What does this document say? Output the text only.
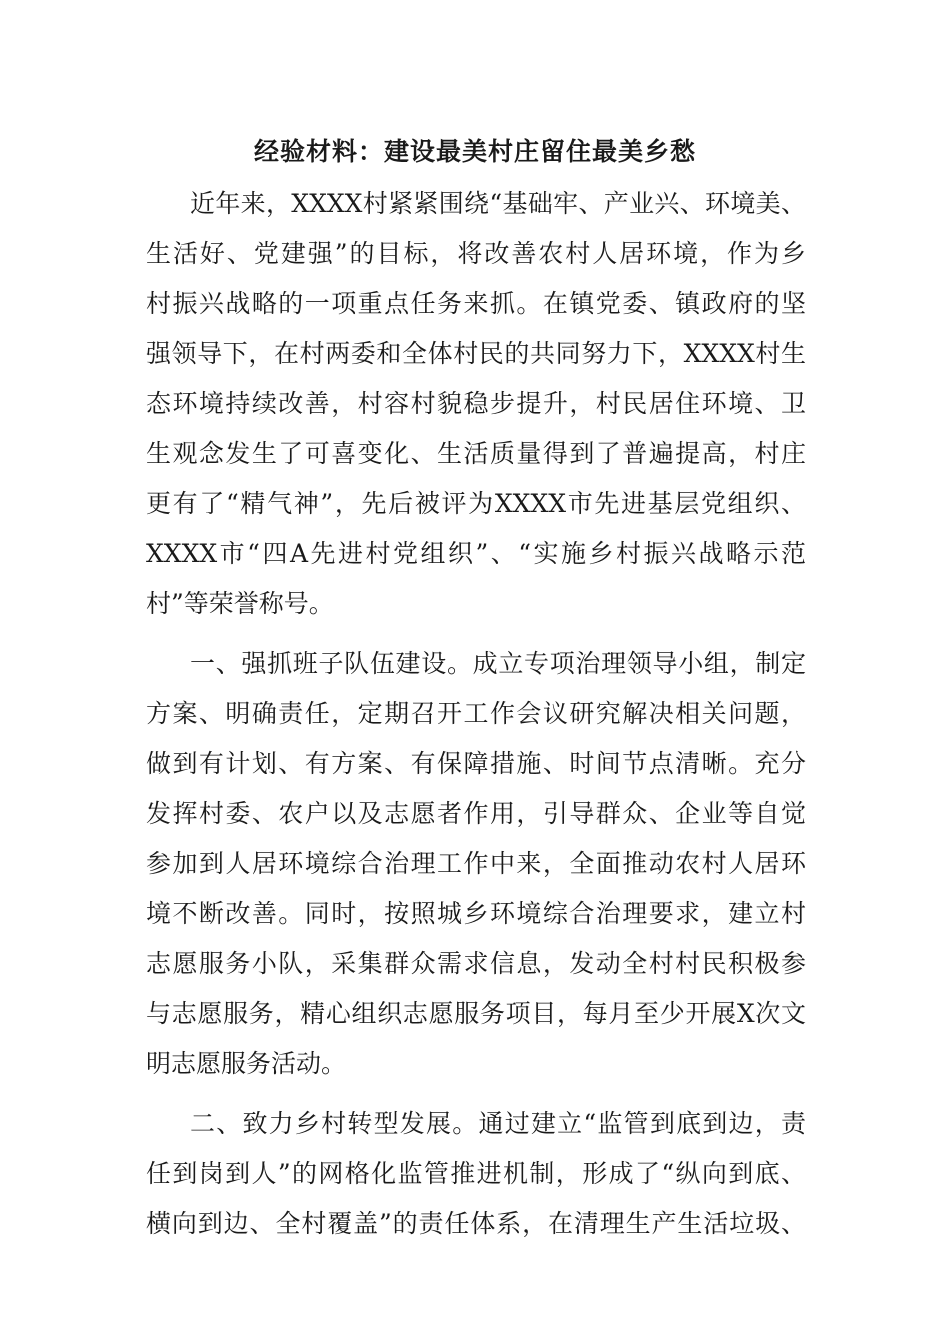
经验材料：建设最美村庄留住最美乡愁
近年来，XXXX村紧紧围绕“基础牢、产业兴、环境美、
生活好、党建强”的目标，将改善农村人居环境，作为乡
村振兴战略的一项重点任务来抓。在镇党委、镇政府的坚
强领导下，在村两委和全体村民的共同努力下，XXXX村生
态环境持续改善，村容村貌稳步提升，村民居住环境、卫
生观念发生了可喜变化、生活质量得到了普遍提高，村庄
更有了“精气神”，先后被评为XXXX市先进基层党组织、
XXXX市“四A先进村党组织”、“实施乡村振兴战略示范
村”等荣誉称号。
一、强抓班子队伍建设。成立专项治理领导小组，制定
方案、明确责任，定期召开工作会议研究解决相关问题，
做到有计划、有方案、有保障措施、时间节点清晰。充分
发挥村委、农户以及志愿者作用，引导群众、企业等自觉
参加到人居环境综合治理工作中来，全面推动农村人居环
境不断改善。同时，按照城乡环境综合治理要求，建立村
志愿服务小队，采集群众需求信息，发动全村村民积极参
与志愿服务，精心组织志愿服务项目，每月至少开展X次文
明志愿服务活动。
二、致力乡村转型发展。通过建立“监管到底到边，责
任到岗到人”的网格化监管推进机制，形成了“纵向到底、
横向到边、全村覆盖”的责任体系，在清理生产生活垃圾、
